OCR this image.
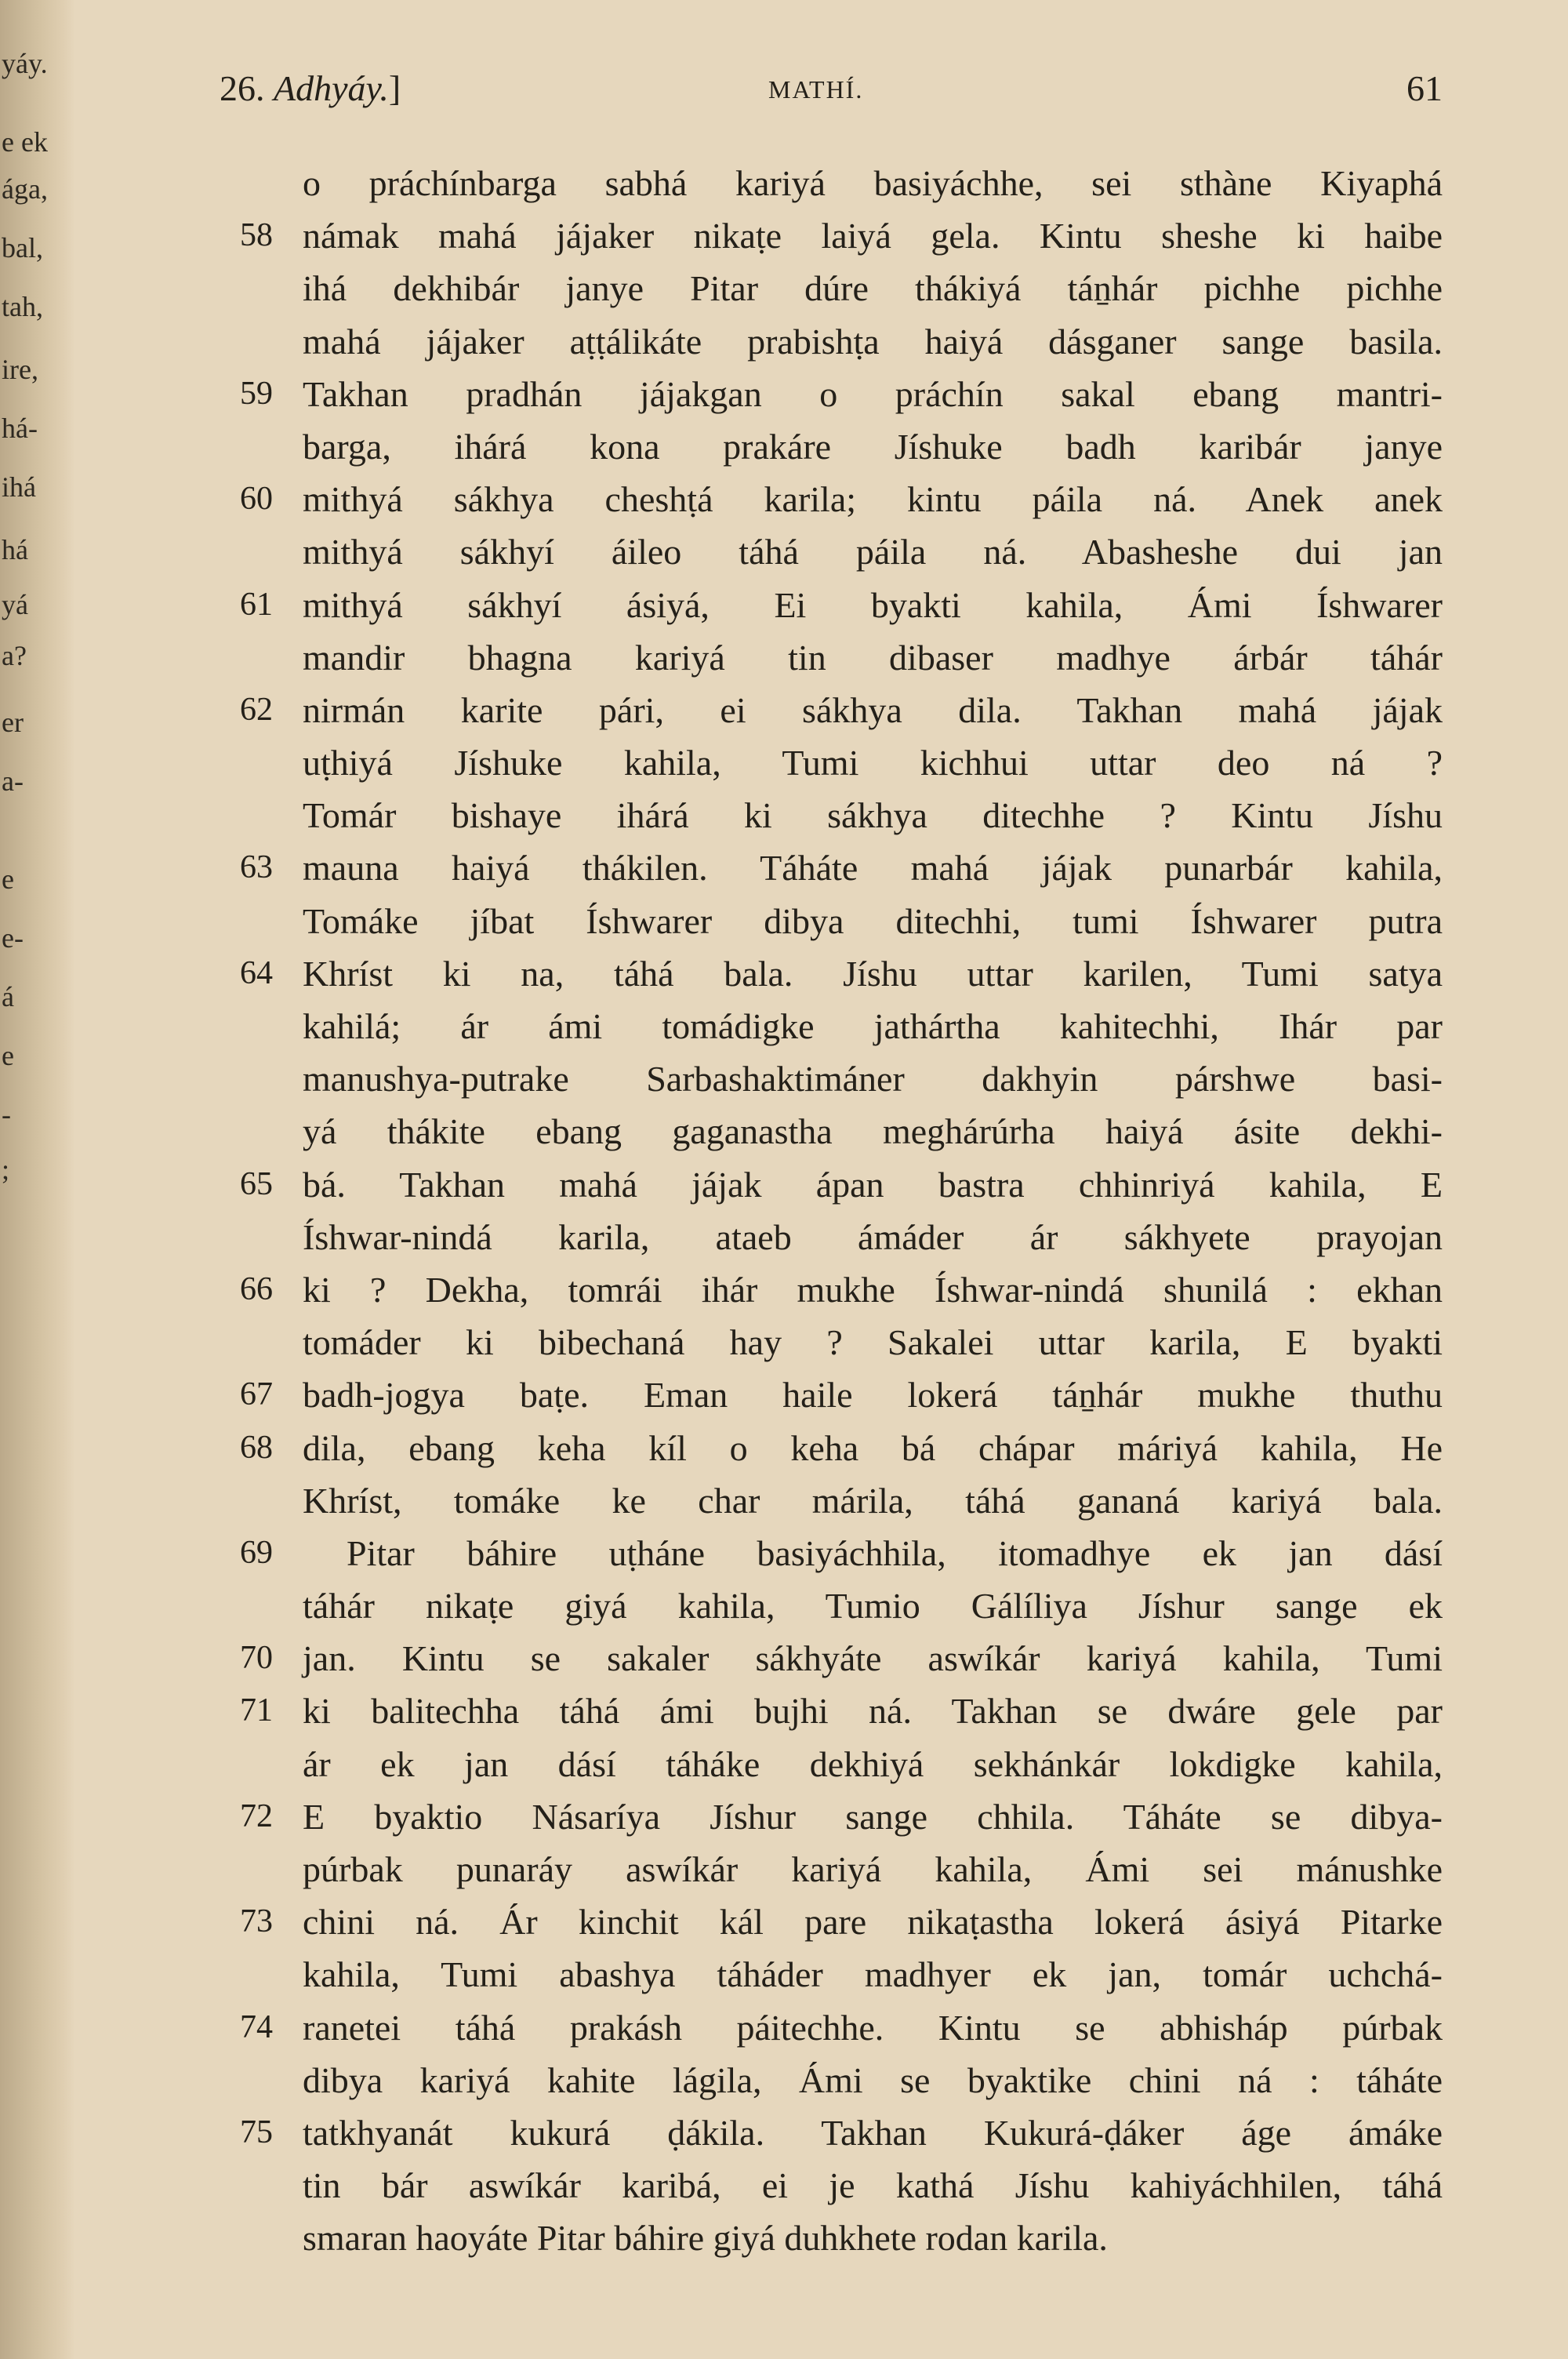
yáy.
e ek
ága,
bal,
tah,
ire,
há-
ihá
há
yá
a?
er
a-
e
e-
á
e
-
;
26. Adhyáy.]	MATHÍ.	61
o práchínbarga sabhá kariyá basiyáchhe, sei sthàne Kiyaphá
58 námak mahá jájaker nikaṭe laiyá gela. Kintu sheshe ki haibe
ihá dekhibár janye Pitar dúre thákiyá táṉhár pichhe pichhe
mahá jájaker aṭṭálikáte prabishṭa haiyá dásganer sange basila.
59 Takhan pradhán jájakgan o práchín sakal ebang mantri-
barga, ihárá kona prakáre Jíshuke badh karibár janye
60 mithyá sákhya cheshṭá karila; kintu páila ná. Anek anek
mithyá sákhyí áileo táhá páila ná. Abasheshe dui jan
61 mithyá sákhyí ásiyá, Ei byakti kahila, Ámi Íshwarer
mandir bhagna kariyá tin dibaser madhye árbár táhár
62 nirmán karite pári, ei sákhya dila. Takhan mahá jájak
uṭhiyá Jíshuke kahila, Tumi kichhui uttar deo ná ?
Tomár bishaye ihárá ki sákhya ditechhe ? Kintu Jíshu
63 mauna haiyá thákilen. Táháte mahá jájak punarbár kahila,
Tomáke jíbat Íshwarer dibya ditechhi, tumi Íshwarer putra
64 Khríst ki na, táhá bala. Jíshu uttar karilen, Tumi satya
kahilá; ár ámi tomádigke jathártha kahitechhi, Ihár par
manushya-putrake Sarbashaktimáner dakhyin párshwe basi-
yá thákite ebang gaganastha meghárúrha haiyá ásite dekhi-
65 bá. Takhan mahá jájak ápan bastra chhinriyá kahila, E
Íshwar-nindá karila, ataeb ámáder ár sákhyete prayojan
66 ki ? Dekha, tomrái ihár mukhe Íshwar-nindá shunilá : ekhan
tomáder ki bibechaná hay ? Sakalei uttar karila, E byakti
67 badh-jogya baṭe. Eman haile lokerá táṉhár mukhe thuthu
68 dila, ebang keha kíl o keha bá chápar máriyá kahila, He
Khríst, tomáke ke char márila, táhá gananá kariyá bala.
69	Pitar báhire uṭháne basiyáchhila, itomadhye ek jan dásí
táhár nikaṭe giyá kahila, Tumio Gálíliya Jíshur sange ek
70 jan. Kintu se sakaler sákhyáte aswíkár kariyá kahila, Tumi
71 ki balitechha táhá ámi bujhi ná. Takhan se dwáre gele par
ár ek jan dásí táháke dekhiyá sekhánkár lokdigke kahila,
72 E byaktio Násaríya Jíshur sange chhila. Táháte se dibya-
púrbak punaráy aswíkár kariyá kahila, Ámi sei mánushke
73 chini ná. Ár kinchit kál pare nikaṭastha lokerá ásiyá Pitarke
kahila, Tumi abashya táháder madhyer ek jan, tomár uchchá-
74 ranetei táhá prakásh páitechhe. Kintu se abhisháp púrbak
dibya kariyá kahite lágila, Ámi se byaktike chini ná : táháte
75 tatkhyanát kukurá ḍákila. Takhan Kukurá-ḍáker áge ámáke
tin bár aswíkár karibá, ei je kathá Jíshu kahiyáchhilen, táhá
smaran haoyáte Pitar báhire giyá duhkhete rodan karila.
